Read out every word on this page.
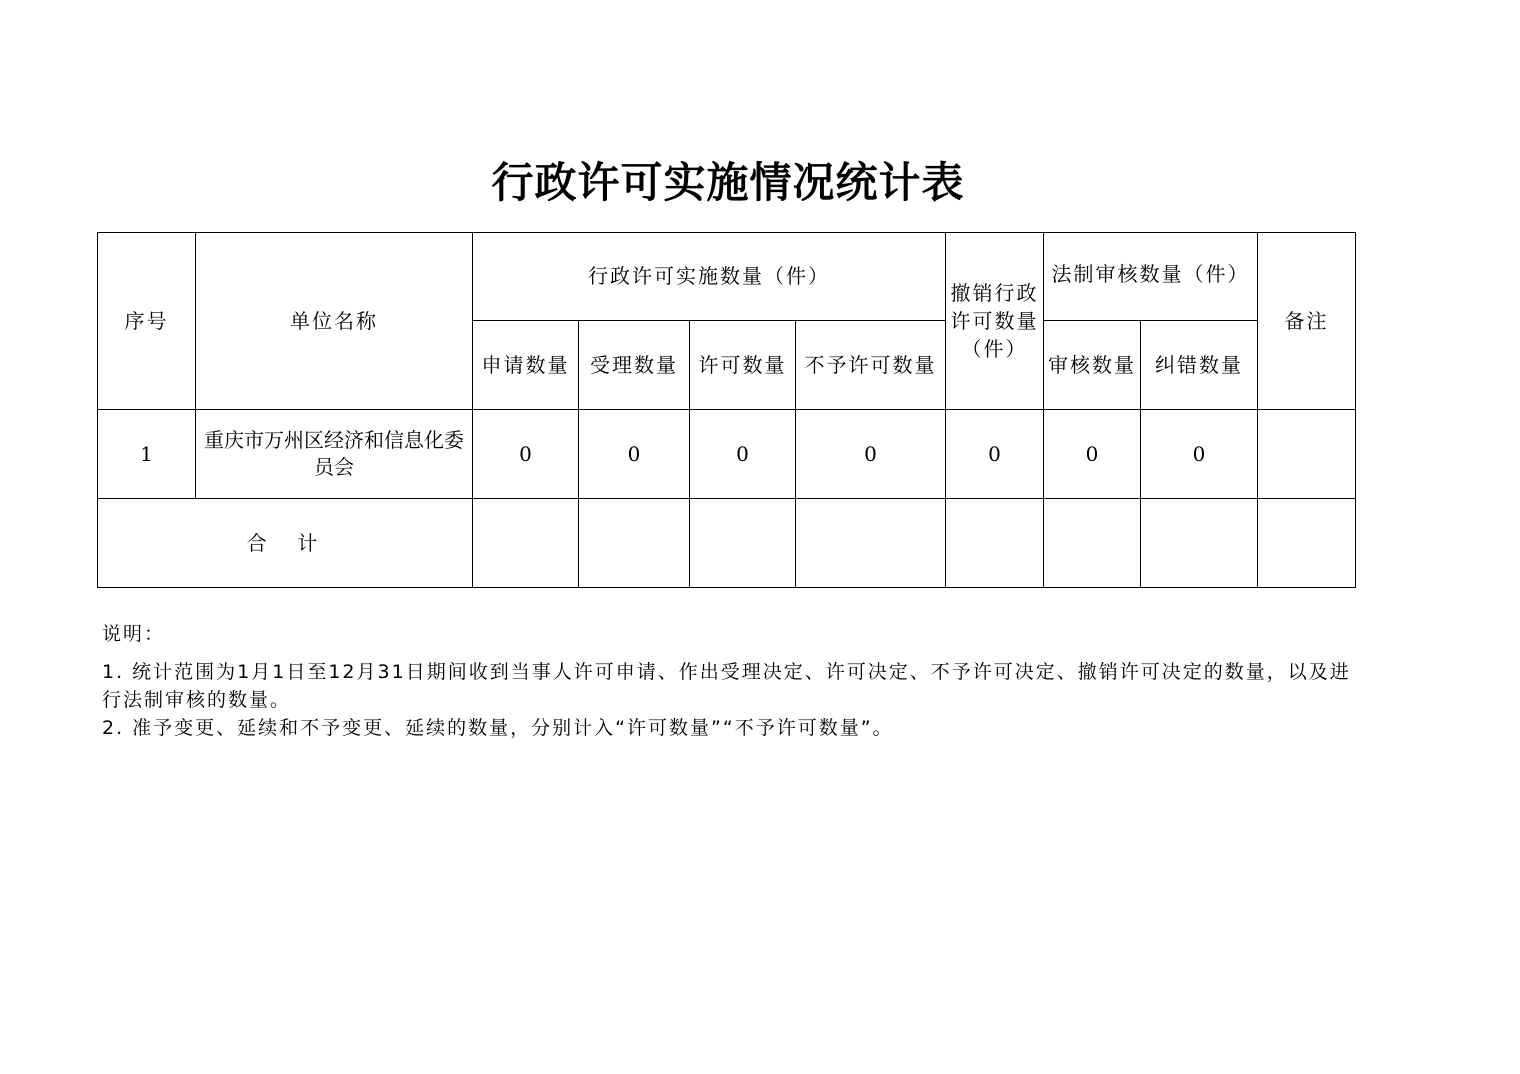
行政许可实施情况统计表
序号	单位名称	行政许可实施数量（件）				撤销行政许可数量（件）	法制审核数量（件）		备注
		申请数量	受理数量	许可数量	不予许可数量		审核数量	纠错数量	
1	重庆市万州区经济和信息化委员会	0	0	0	0	0	0	0	
合  计									

说明：

1. 统计范围为1月1日至12月31日期间收到当事人许可申请、作出受理决定、许可决定、不予许可决定、撤销许可决定的数量，以及进行法制审核的数量。

2. 准予变更、延续和不予变更、延续的数量，分别计入“许可数量”“不予许可数量”。
